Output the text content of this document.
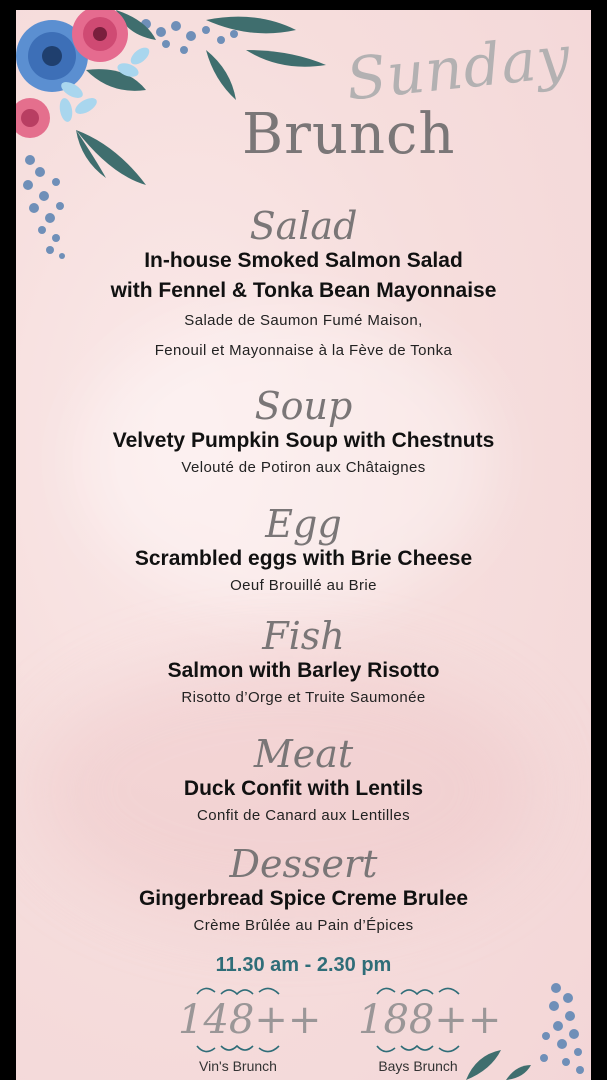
Sunday
Brunch
Salad
In-house Smoked Salmon Salad
with Fennel & Tonka Bean Mayonnaise
Salade de Saumon Fumé Maison,
Fenouil et Mayonnaise à la Fève de Tonka
Soup
Velvety Pumpkin Soup with Chestnuts
Velouté de Potiron aux Châtaignes
Egg
Scrambled eggs with Brie Cheese
Oeuf Brouillé au Brie
Fish
Salmon with Barley Risotto
Risotto d’Orge et Truite Saumonée
Meat
Duck Confit with Lentils
Confit de Canard aux Lentilles
Dessert
Gingerbread Spice Creme Brulee
Crème Brûlée au Pain d’Épices
11.30 am - 2.30 pm
148++
Vin's Brunch
188++
Bays Brunch
